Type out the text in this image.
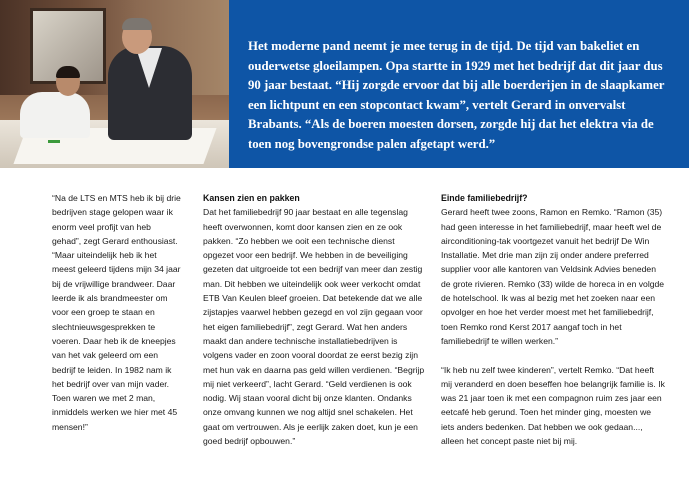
Het moderne pand neemt je mee terug in de tijd. De tijd van bakeliet en ouderwetse gloeilampen. Opa startte in 1929 met het bedrijf dat dit jaar dus 90 jaar bestaat. “Hij zorgde ervoor dat bij alle boerderijen in de slaapkamer een lichtpunt en een stopcontact kwam”, vertelt Gerard in onvervalst Brabants. “Als de boeren moesten dorsen, zorgde hij dat het elektra via de toen nog bovengrondse palen afgetapt werd.”

“Na de LTS en MTS heb ik bij drie bedrijven stage gelopen waar ik enorm veel profijt van heb gehad”, zegt Gerard enthousiast. “Maar uiteindelijk heb ik het meest geleerd tijdens mijn 34 jaar bij de vrijwillige brandweer. Daar leerde ik als brandmeester om voor een groep te staan en slechtnieuwsgesprekken te voeren. Daar heb ik de kneepjes van het vak geleerd om een bedrijf te leiden. In 1982 nam ik het bedrijf over van mijn vader. Toen waren we met 2 man, inmiddels werken we hier met 45 mensen!”

Kansen zien en pakken

Dat het familiebedrijf 90 jaar bestaat en alle tegenslag heeft overwonnen, komt door kansen zien en ze ook pakken. “Zo hebben we ooit een technische dienst opgezet voor een bedrijf. We hebben in de beveiliging gezeten dat uitgroeide tot een bedrijf van meer dan zestig man. Dit hebben we uiteindelijk ook weer verkocht omdat ETB Van Keulen bleef groeien. Dat betekende dat we alle zijstapjes vaarwel hebben gezegd en vol zijn gegaan voor het eigen familiebedrijf”, zegt Gerard. Wat hen anders maakt dan andere technische installatiebedrijven is volgens vader en zoon vooral doordat ze eerst bezig zijn met hun vak en daarna pas geld willen verdienen. “Begrijp mij niet verkeerd”, lacht Gerard. “Geld verdienen is ook nodig. Wij staan vooral dicht bij onze klanten. Ondanks onze omvang kunnen we nog altijd snel schakelen. Het gaat om vertrouwen. Als je eerlijk zaken doet, kun je een goed bedrijf opbouwen.”

Einde familiebedrijf?

Gerard heeft twee zoons, Ramon en Remko. “Ramon (35) had geen interesse in het familiebedrijf, maar heeft wel de airconditioning-tak voortgezet vanuit het bedrijf De Win Installatie. Met drie man zijn zij onder andere preferred supplier voor alle kantoren van Veldsink Advies beneden de grote rivieren. Remko (33) wilde de horeca in en volgde de hotelschool. Ik was al bezig met het zoeken naar een opvolger en hoe het verder moest met het familiebedrijf, toen Remko rond Kerst 2017 aangaf toch in het familiebedrijf te willen werken.”

“Ik heb nu zelf twee kinderen”, vertelt Remko. “Dat heeft mij veranderd en doen beseffen hoe belangrijk familie is. Ik was 21 jaar toen ik met een compagnon ruim zes jaar een eetcafé heb gerund. Toen het minder ging, moesten we iets anders bedenken. Dat hebben we ook gedaan..., alleen het concept paste niet bij mij.
